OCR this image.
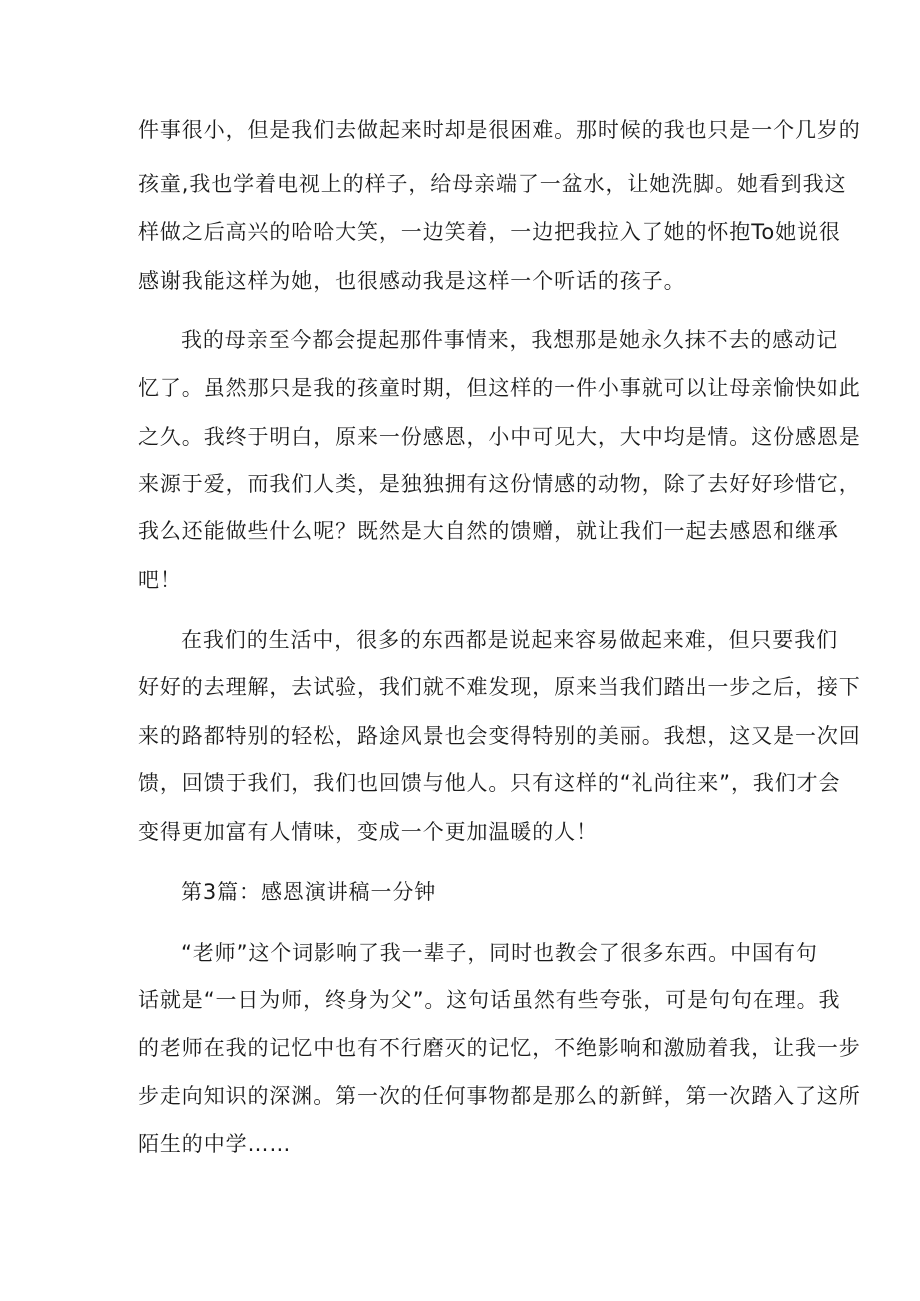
件事很小，但是我们去做起来时却是很困难。那时候的我也只是一个几岁的
孩童,我也学着电视上的样子，给母亲端了一盆水，让她洗脚。她看到我这
样做之后高兴的哈哈大笑，一边笑着，一边把我拉入了她的怀抱To她说很
感谢我能这样为她，也很感动我是这样一个听话的孩子。
我的母亲至今都会提起那件事情来，我想那是她永久抹不去的感动记
忆了。虽然那只是我的孩童时期，但这样的一件小事就可以让母亲愉快如此
之久。我终于明白，原来一份感恩，小中可见大，大中均是情。这份感恩是
来源于爱，而我们人类，是独独拥有这份情感的动物，除了去好好珍惜它，
我么还能做些什么呢？既然是大自然的馈赠，就让我们一起去感恩和继承
吧！
在我们的生活中，很多的东西都是说起来容易做起来难，但只要我们
好好的去理解，去试验，我们就不难发现，原来当我们踏出一步之后，接下
来的路都特别的轻松，路途风景也会变得特别的美丽。我想，这又是一次回
馈，回馈于我们，我们也回馈与他人。只有这样的“礼尚往来”，我们才会
变得更加富有人情味，变成一个更加温暖的人！
第3篇：感恩演讲稿一分钟
“老师”这个词影响了我一辈子，同时也教会了很多东西。中国有句
话就是“一日为师，终身为父”。这句话虽然有些夸张，可是句句在理。我
的老师在我的记忆中也有不行磨灭的记忆，不绝影响和激励着我，让我一步
步走向知识的深渊。第一次的任何事物都是那么的新鲜，第一次踏入了这所
陌生的中学……
